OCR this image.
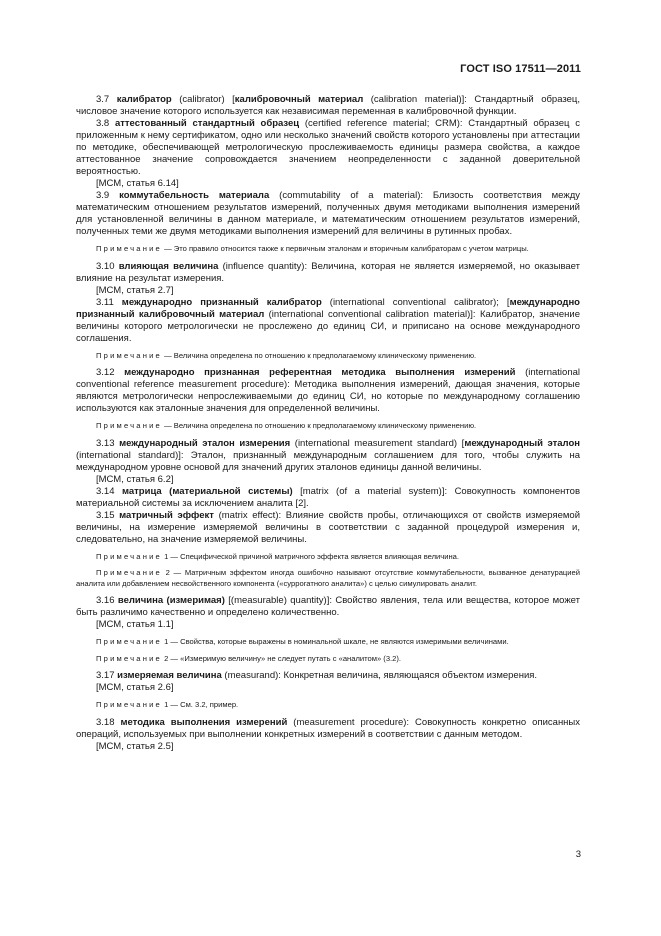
ГОСТ ISO 17511—2011

3.7 калибратор (calibrator) [калибровочный материал (calibration material)]: Стандартный образец, числовое значение которого используется как независимая переменная в калибровочной функции.

3.8 аттестованный стандартный образец (certified reference material; CRM): Стандартный образец с приложенным к нему сертификатом, одно или несколько значений свойств которого установлены при аттестации по методике, обеспечивающей метрологическую прослеживаемость единицы размера свойства, а каждое аттестованное значение сопровождается значением неопределенности с заданной доверительной вероятностью.

[МСМ, статья 6.14]

3.9 коммутабельность материала (commutability of a material): Близость соответствия между математическим отношением результатов измерений, полученных двумя методиками выполнения измерений для установленной величины в данном материале, и математическим отношением результатов измерений, полученных теми же двумя методиками выполнения измерений для величины в рутинных пробах.

Примечание — Это правило относится также к первичным эталонам и вторичным калибраторам с учетом матрицы.

3.10 влияющая величина (influence quantity): Величина, которая не является измеряемой, но оказывает влияние на результат измерения.

[МСМ, статья 2.7]

3.11 международно признанный калибратор (international conventional calibrator); [международно признанный калибровочный материал (international conventional calibration material)]: Калибратор, значение величины которого метрологически не прослежено до единиц СИ, и приписано на основе международного соглашения.

Примечание — Величина определена по отношению к предполагаемому клиническому применению.

3.12 международно признанная референтная методика выполнения измерений (international conventional reference measurement procedure): Методика выполнения измерений, дающая значения, которые являются метрологически непрослеживаемыми до единиц СИ, но которые по международному соглашению используются как эталонные значения для определенной величины.

Примечание — Величина определена по отношению к предполагаемому клиническому применению.

3.13 международный эталон измерения (international measurement standard) [международный эталон (international standard)]: Эталон, признанный международным соглашением для того, чтобы служить на международном уровне основой для значений других эталонов единицы данной величины.

[МСМ, статья 6.2]

3.14 матрица (материальной системы) [matrix (of a material system)]: Совокупность компонентов материальной системы за исключением аналита [2].

3.15 матричный эффект (matrix effect): Влияние свойств пробы, отличающихся от свойств измеряемой величины, на измерение измеряемой величины в соответствии с заданной процедурой измерения и, следовательно, на значение измеряемой величины.

Примечание 1 — Специфической причиной матричного эффекта является влияющая величина.

Примечание 2 — Матричным эффектом иногда ошибочно называют отсутствие коммутабельности, вызванное денатурацией аналита или добавлением несвойственного компонента («суррогатного аналита») с целью симулировать аналит.

3.16 величина (измеримая) [(measurable) quantity)]: Свойство явления, тела или вещества, которое может быть различимо качественно и определено количественно.

[МСМ, статья 1.1]

Примечание 1 — Свойства, которые выражены в номинальной шкале, не являются измеримыми величинами.

Примечание 2 — «Измеримую величину» не следует путать с «аналитом» (3.2).

3.17 измеряемая величина (measurand): Конкретная величина, являющаяся объектом измерения.

[МСМ, статья 2.6]

Примечание 1 — См. 3.2, пример.

3.18 методика выполнения измерений (measurement procedure): Совокупность конкретно описанных операций, используемых при выполнении конкретных измерений в соответствии с данным методом.

[МСМ, статья 2.5]

3
